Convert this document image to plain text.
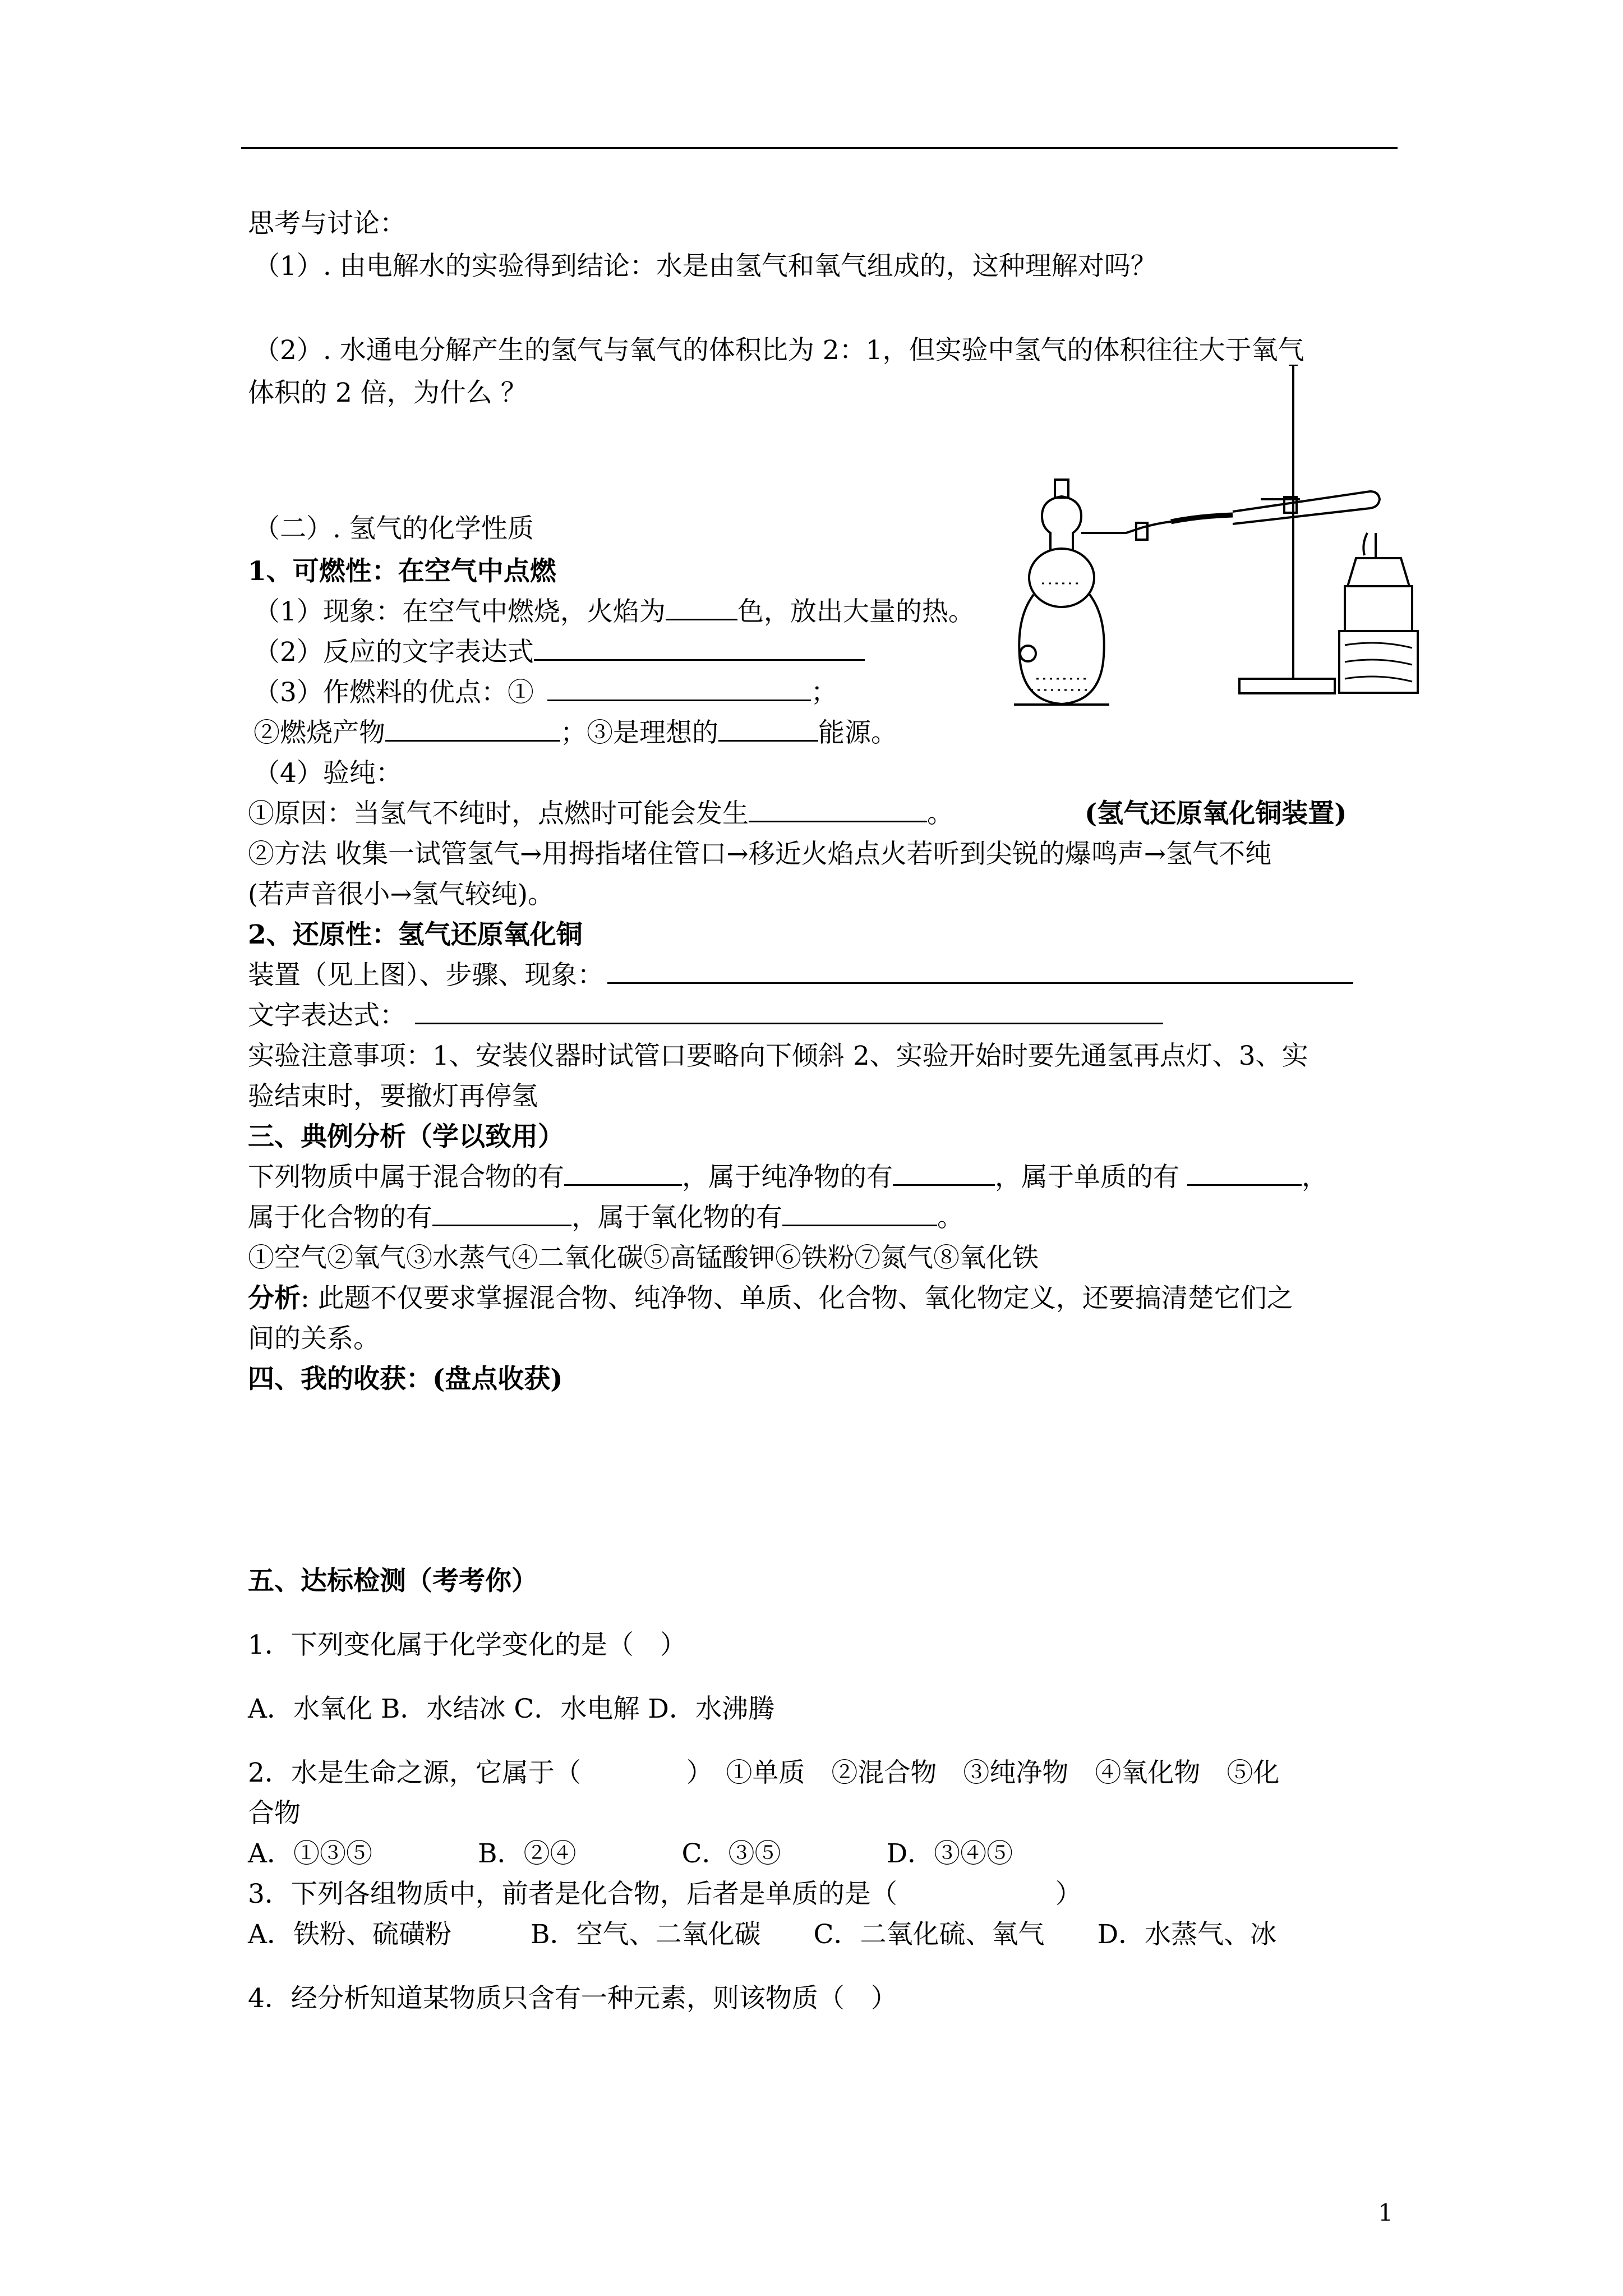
思考与讨论：
（1）. 由电解水的实验得到结论：水是由氢气和氧气组成的，这种理解对吗？
（2）. 水通电分解产生的氢气与氧气的体积比为 2：1，但实验中氢气的体积往往大于氧气
体积的 2 倍，为什么 ？
（二）. 氢气的化学性质
1、可燃性：在空气中点燃
（1）现象：在空气中燃烧，火焰为	色，放出大量的热。
（2）反应的文字表达式
（3）作燃料的优点：①	；
②燃烧产物	；③是理想的	能源。
（4）验纯：
①原因：当氢气不纯时，点燃时可能会发生	。	(氢气还原氧化铜装置)
②方法 收集一试管氢气→用拇指堵住管口→移近火焰点火若听到尖锐的爆鸣声→氢气不纯
(若声音很小→氢气较纯)。
2、还原性：氢气还原氧化铜
装置（见上图）、步骤、现象：
文字表达式：
实验注意事项：1、安装仪器时试管口要略向下倾斜 2、实验开始时要先通氢再点灯、3、实
验结束时，要撤灯再停氢
三、典例分析（学以致用）
下列物质中属于混合物的有	，属于纯净物的有	，属于单质的有	，
属于化合物的有	，属于氧化物的有	。
①空气②氧气③水蒸气④二氧化碳⑤高锰酸钾⑥铁粉⑦氮气⑧氧化铁
分析: 此题不仅要求掌握混合物、纯净物、单质、化合物、氧化物定义，还要搞清楚它们之
间的关系。
四、我的收获：(盘点收获)
五、达标检测（考考你）
1．下列变化属于化学变化的是（　）
A．水氧化 B．水结冰 C．水电解 D．水沸腾
2．水是生命之源，它属于（　　　　）　①单质　②混合物　③纯净物　④氧化物　⑤化
合物
A．①③⑤　　　　B．②④　　　　C．③⑤　　　　D．③④⑤
3．下列各组物质中，前者是化合物，后者是单质的是（　　　　　　）
A．铁粉、硫磺粉　　　B．空气、二氧化碳　　C．二氧化硫、氧气　　D．水蒸气、冰
4．经分析知道某物质只含有一种元素，则该物质（　）
1
